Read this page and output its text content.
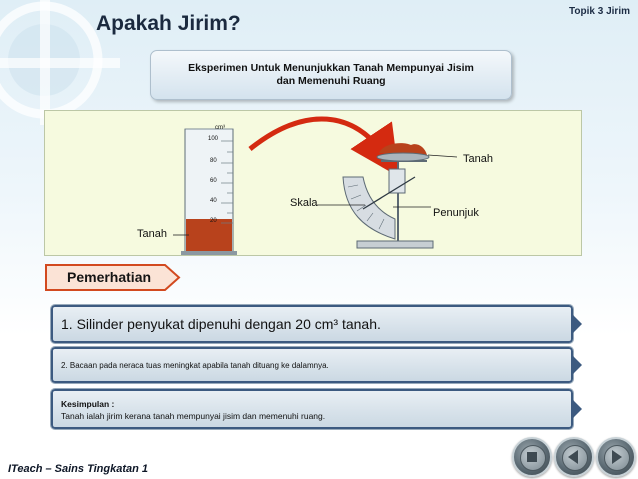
Topik 3 Jirim
Apakah Jirim?
Eksperimen Untuk Menunjukkan Tanah Mempunyai Jisim
dan Memenuhi Ruang
cm³
100
80
60
40
20
Tanah
Tanah
Skala
Penunjuk
Pemerhatian
1. Silinder penyukat dipenuhi dengan 20 cm³ tanah.
2. Bacaan pada neraca tuas meningkat apabila tanah dituang ke dalamnya.
Kesimpulan :
Tanah ialah jirim kerana tanah mempunyai jisim dan memenuhi ruang.
ITeach – Sains Tingkatan 1
